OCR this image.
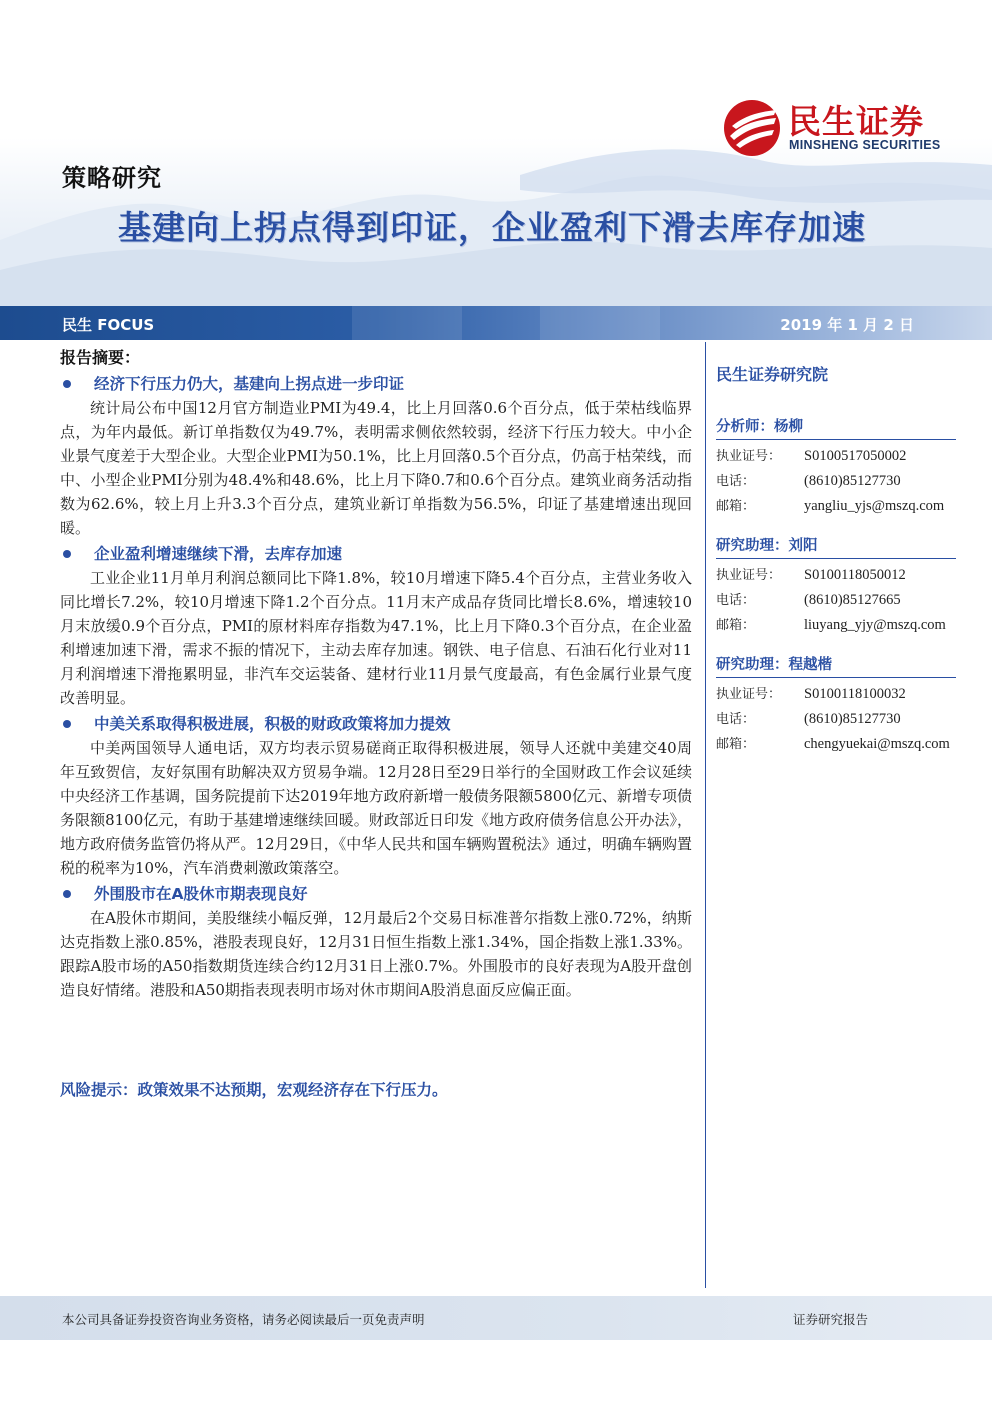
民生证券
MINSHENG SECURITIES
策略研究
基建向上拐点得到印证，企业盈利下滑去库存加速
民生 FOCUS	2019 年 1 月 2 日
报告摘要：
经济下行压力仍大，基建向上拐点进一步印证

统计局公布中国12月官方制造业PMI为49.4，比上月回落0.6个百分点，低于荣枯线临界点，为年内最低。新订单指数仅为49.7%，表明需求侧依然较弱，经济下行压力较大。中小企业景气度差于大型企业。大型企业PMI为50.1%，比上月回落0.5个百分点，仍高于枯荣线，而中、小型企业PMI分别为48.4%和48.6%，比上月下降0.7和0.6个百分点。建筑业商务活动指数为62.6%，较上月上升3.3个百分点，建筑业新订单指数为56.5%，印证了基建增速出现回暖。

企业盈利增速继续下滑，去库存加速

工业企业11月单月利润总额同比下降1.8%，较10月增速下降5.4个百分点，主营业务收入同比增长7.2%，较10月增速下降1.2个百分点。11月末产成品存货同比增长8.6%，增速较10月末放缓0.9个百分点，PMI的原材料库存指数为47.1%，比上月下降0.3个百分点，在企业盈利增速加速下滑，需求不振的情况下，主动去库存加速。钢铁、电子信息、石油石化行业对11月利润增速下滑拖累明显，非汽车交运装备、建材行业11月景气度最高，有色金属行业景气度改善明显。

中美关系取得积极进展，积极的财政政策将加力提效

中美两国领导人通电话，双方均表示贸易磋商正取得积极进展，领导人还就中美建交40周年互致贺信，友好氛围有助解决双方贸易争端。12月28日至29日举行的全国财政工作会议延续中央经济工作基调，国务院提前下达2019年地方政府新增一般债务限额5800亿元、新增专项债务限额8100亿元，有助于基建增速继续回暖。财政部近日印发《地方政府债务信息公开办法》，地方政府债务监管仍将从严。12月29日，《中华人民共和国车辆购置税法》通过，明确车辆购置税的税率为10%，汽车消费刺激政策落空。

外围股市在A股休市期表现良好

在A股休市期间，美股继续小幅反弹，12月最后2个交易日标准普尔指数上涨0.72%，纳斯达克指数上涨0.85%，港股表现良好，12月31日恒生指数上涨1.34%，国企指数上涨1.33%。跟踪A股市场的A50指数期货连续合约12月31日上涨0.7%。外围股市的良好表现为A股开盘创造良好情绪。港股和A50期指表现表明市场对休市期间A股消息面反应偏正面。

风险提示：政策效果不达预期，宏观经济存在下行压力。
民生证券研究院
分析师：杨柳
执业证号： S0100517050002
电话：	(8610)85127730
邮箱：	yangliu_yjs@mszq.com
研究助理：刘阳
执业证号： S0100118050012
电话：	(8610)85127665
邮箱：	liuyang_yjy@mszq.com
研究助理：程越楷
执业证号： S0100118100032
电话：	(8610)85127730
邮箱：	chengyuekai@mszq.com
本公司具备证券投资咨询业务资格，请务必阅读最后一页免责声明	证券研究报告
